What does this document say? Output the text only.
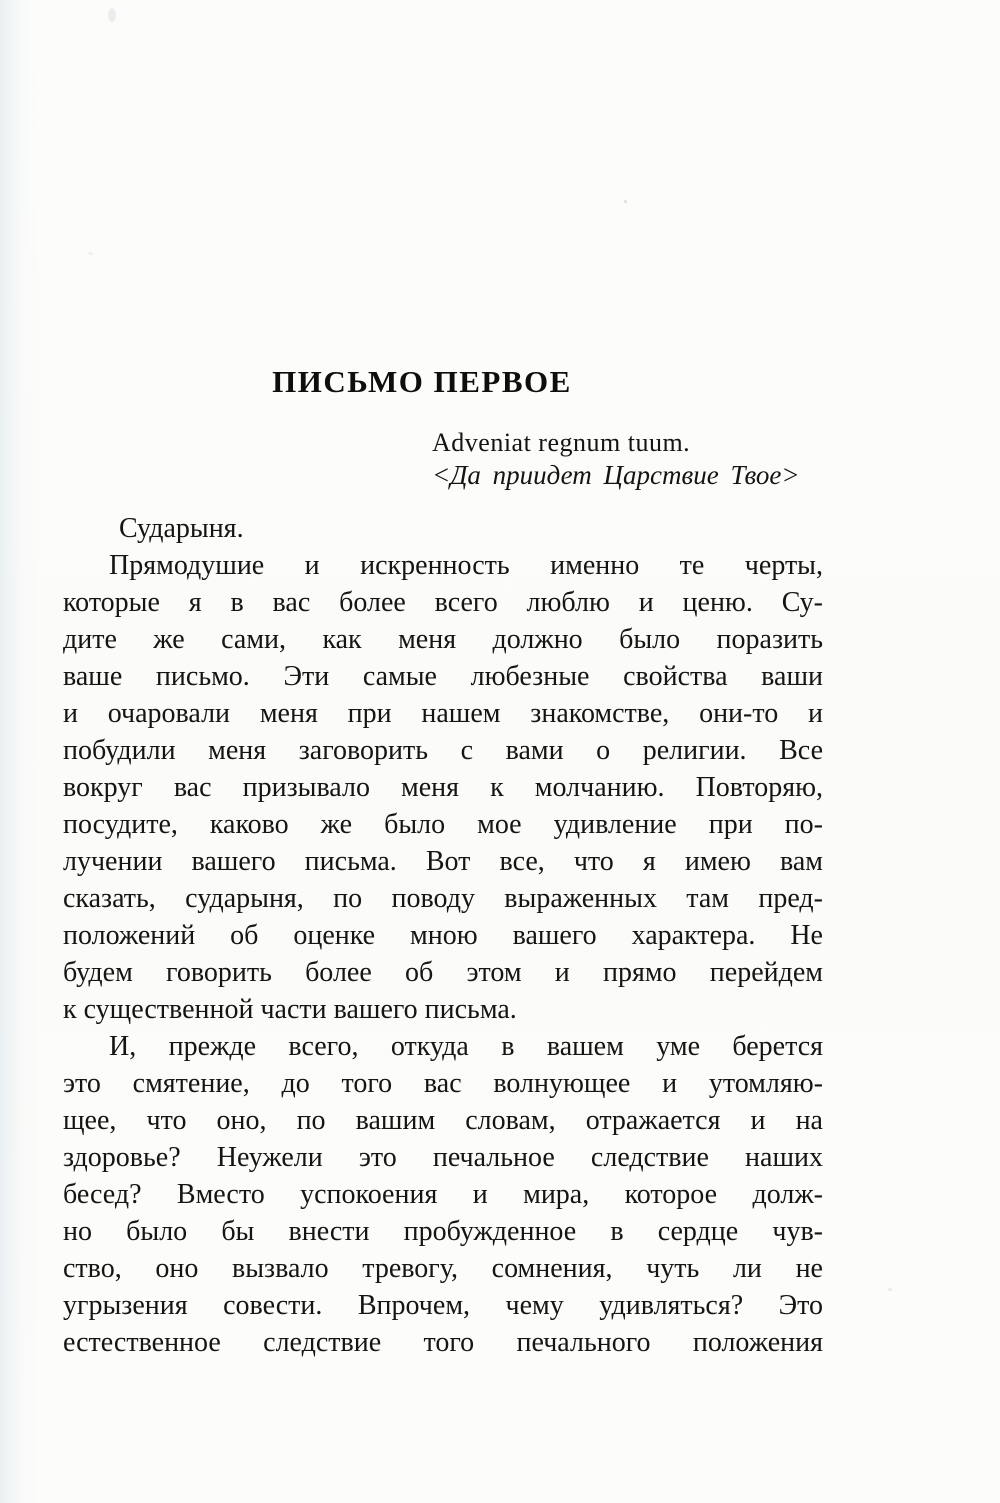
ПИСЬМО ПЕРВОЕ
Adveniat regnum tuum.
<Да приидет Царствие Твое>
Сударыня.
Прямодушие и искренность именно те черты,
которые я в вас более всего люблю и ценю. Су-
дите же сами, как меня должно было поразить
ваше письмо. Эти самые любезные свойства ваши
и очаровали меня при нашем знакомстве, они-то и
побудили меня заговорить с вами о религии. Все
вокруг вас призывало меня к молчанию. Повторяю,
посудите, каково же было мое удивление при по-
лучении вашего письма. Вот все, что я имею вам
сказать, сударыня, по поводу выраженных там пред-
положений об оценке мною вашего характера. Не
будем говорить более об этом и прямо перейдем
к существенной части вашего письма.
И, прежде всего, откуда в вашем уме берется
это смятение, до того вас волнующее и утомляю-
щее, что оно, по вашим словам, отражается и на
здоровье? Неужели это печальное следствие наших
бесед? Вместо успокоения и мира, которое долж-
но было бы внести пробужденное в сердце чув-
ство, оно вызвало тревогу, сомнения, чуть ли не
угрызения совести. Впрочем, чему удивляться? Это
естественное следствие того печального положения
